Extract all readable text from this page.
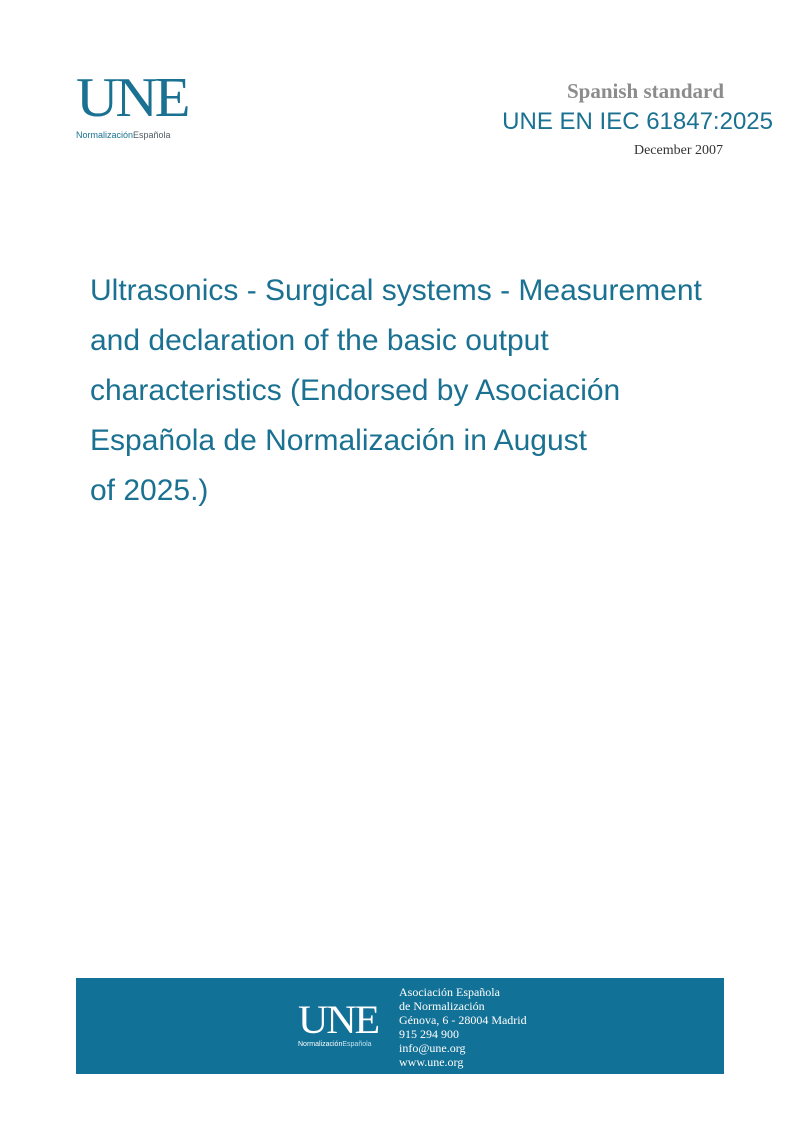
UNE
NormalizaciónEspañola
Spanish standard
UNE EN IEC 61847:2025
December 2007
Ultrasonics - Surgical systems - Measurement
and declaration of the basic output
characteristics (Endorsed by Asociación
Española de Normalización in August
of 2025.)
UNE
NormalizaciónEspañola
Asociación Española
de Normalización
Génova, 6 - 28004 Madrid
915 294 900
info@une.org
www.une.org
